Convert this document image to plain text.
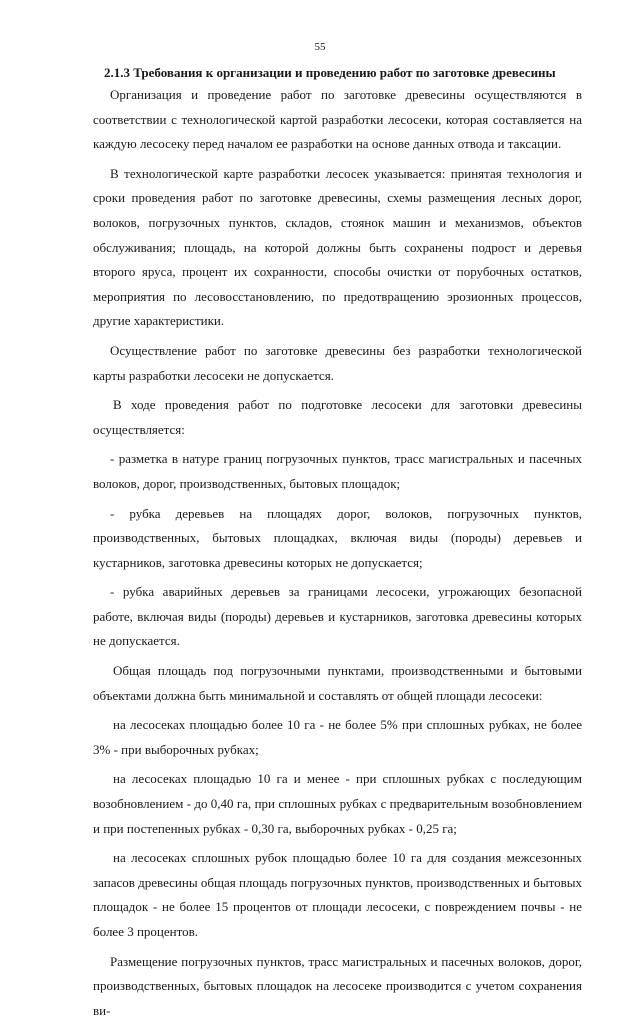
55
2.1.3 Требования к организации и проведению работ по заготовке древесины

Организация и проведение работ по заготовке древесины осуществляются в соответствии с технологической картой разработки лесосеки, которая составляется на каждую лесосеку перед началом ее разработки на основе данных отвода и таксации.

В технологической карте разработки лесосек указывается: принятая технология и сроки проведения работ по заготовке древесины, схемы размещения лесных дорог, волоков, погрузочных пунктов, складов, стоянок машин и механизмов, объектов обслуживания; площадь, на которой должны быть сохранены подрост и деревья второго яруса, процент их сохранности, способы очистки от порубочных остатков, мероприятия по лесовосстановлению, по предотвращению эрозионных процессов, другие характеристики.

Осуществление работ по заготовке древесины без разработки технологической карты разработки лесосеки не допускается.

В ходе проведения работ по подготовке лесосеки для заготовки древесины осуществляется:

- разметка в натуре границ погрузочных пунктов, трасс магистральных и пасечных волоков, дорог, производственных, бытовых площадок;

- рубка деревьев на площадях дорог, волоков, погрузочных пунктов, производственных, бытовых площадках, включая виды (породы) деревьев и кустарников, заготовка древесины которых не допускается;

- рубка аварийных деревьев за границами лесосеки, угрожающих безопасной работе, включая виды (породы) деревьев и кустарников, заготовка древесины которых не допускается.

Общая площадь под погрузочными пунктами, производственными и бытовыми объектами должна быть минимальной и составлять от общей площади лесосеки:

на лесосеках площадью более 10 га - не более 5% при сплошных рубках, не более 3% - при выборочных рубках;

на лесосеках площадью 10 га и менее - при сплошных рубках с последующим возобновлением - до 0,40 га, при сплошных рубках с предварительным возобновлением и при постепенных рубках - 0,30 га, выборочных рубках - 0,25 га;

на лесосеках сплошных рубок площадью более 10 га для создания межсезонных запасов древесины общая площадь погрузочных пунктов, производственных и бытовых площадок - не более 15 процентов от площади лесосеки, с повреждением почвы - не более 3 процентов.

Размещение погрузочных пунктов, трасс магистральных и пасечных волоков, дорог, производственных, бытовых площадок на лесосеке производится с учетом сохранения ви-
